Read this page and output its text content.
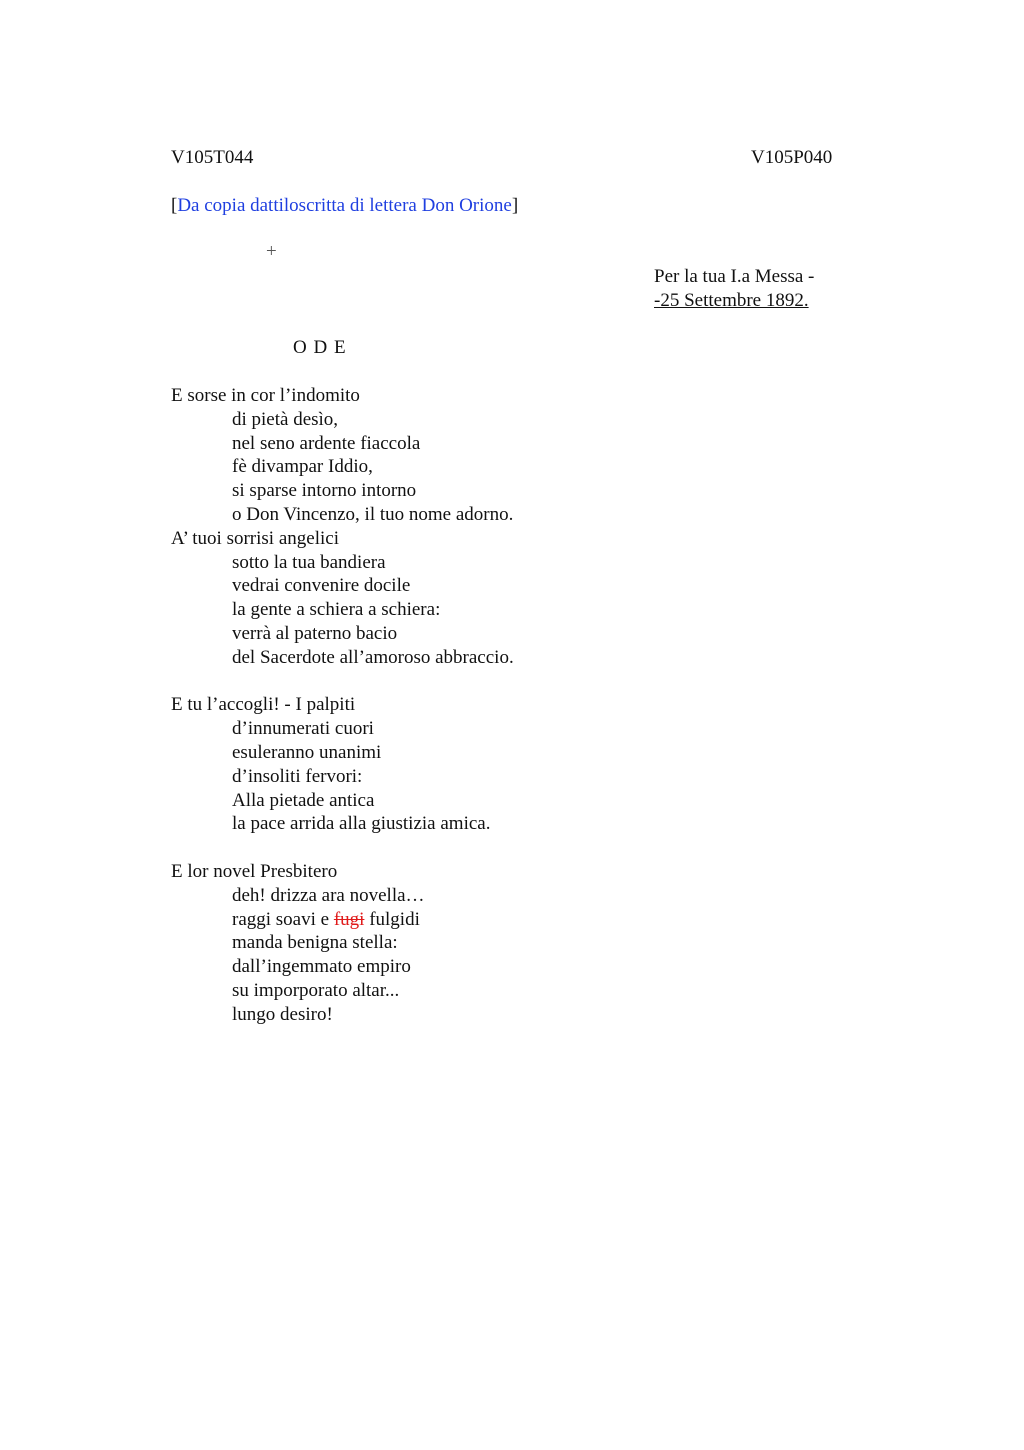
V105T044	V105P040
[Da copia dattiloscritta di lettera Don Orione]
+
Per la tua I.a Messa -
-25 Settembre 1892.
O D E
E sorse in cor l’indomito
di pietà desìo,
nel seno ardente fiaccola
fè divampar Iddio,
si sparse intorno intorno
o Don Vincenzo, il tuo nome adorno.
A’ tuoi sorrisi angelici
sotto la tua bandiera
vedrai convenire docile
la gente a schiera a schiera:
verrà al paterno bacio
del Sacerdote all’amoroso abbraccio.
E tu l’accogli! - I palpiti
d’innumerati cuori
esuleranno unanimi
d’insoliti fervori:
Alla pietade antica
la pace arrida alla giustizia amica.
E lor novel Presbitero
deh! drizza ara novella…
raggi soavi e fugi fulgidi
manda benigna stella:
dall’ingemmato empiro
su imporporato altar...
lungo desiro!
